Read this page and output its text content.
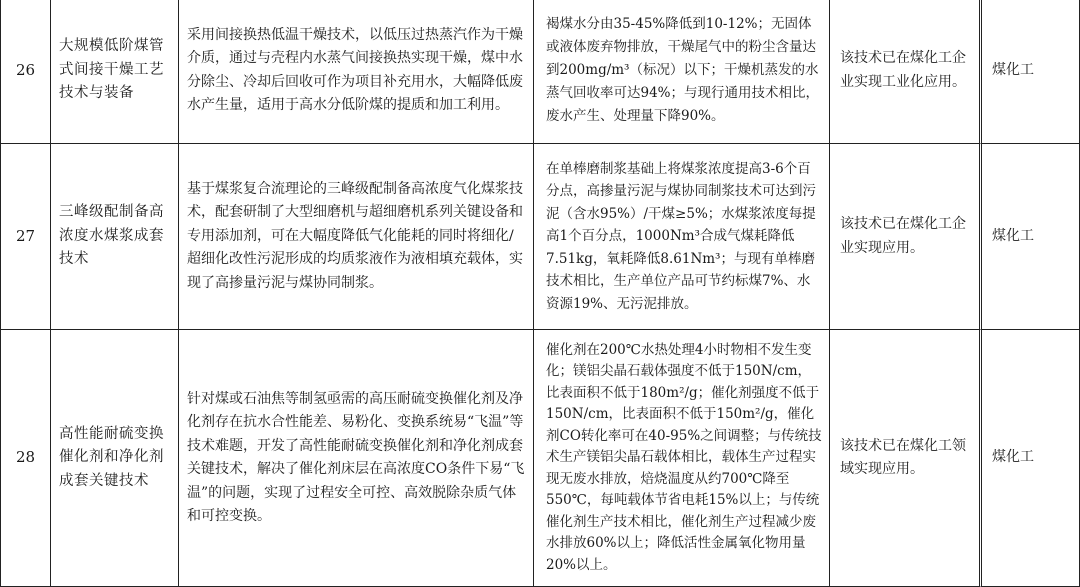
26
大规模低阶煤管式间接干燥工艺技术与装备
采用间接换热低温干燥技术，以低压过热蒸汽作为干燥介质，通过与壳程内水蒸气间接换热实现干燥，煤中水分除尘、冷却后回收可作为项目补充用水，大幅降低废水产生量，适用于高水分低阶煤的提质和加工利用。
褐煤水分由35-45%降低到10-12%；无固体或液体废弃物排放，干燥尾气中的粉尘含量达到200mg/m³（标况）以下；干燥机蒸发的水蒸气回收率可达94%；与现行通用技术相比，废水产生、处理量下降90%。
该技术已在煤化工企业实现工业化应用。
煤化工
27
三峰级配制备高浓度水煤浆成套技术
基于煤浆复合流理论的三峰级配制备高浓度气化煤浆技术，配套研制了大型细磨机与超细磨机系列关键设备和专用添加剂，可在大幅度降低气化能耗的同时将细化/超细化改性污泥形成的均质浆液作为液相填充载体，实现了高掺量污泥与煤协同制浆。
在单棒磨制浆基础上将煤浆浓度提高3-6个百分点，高掺量污泥与煤协同制浆技术可达到污泥（含水95%）/干煤≥5%；水煤浆浓度每提高1个百分点，1000Nm³合成气煤耗降低7.51kg，氧耗降低8.61Nm³；与现有单棒磨技术相比，生产单位产品可节约标煤7%、水资源19%、无污泥排放。
该技术已在煤化工企业实现应用。
煤化工
28
高性能耐硫变换催化剂和净化剂成套关键技术
针对煤或石油焦等制氢亟需的高压耐硫变换催化剂及净化剂存在抗水合性能差、易粉化、变换系统易“飞温”等技术难题，开发了高性能耐硫变换催化剂和净化剂成套关键技术，解决了催化剂床层在高浓度CO条件下易“飞温”的问题，实现了过程安全可控、高效脱除杂质气体和可控变换。
催化剂在200℃水热处理4小时物相不发生变化；镁铝尖晶石载体强度不低于150N/cm，比表面积不低于180m²/g；催化剂强度不低于150N/cm，比表面积不低于150m²/g，催化剂CO转化率可在40-95%之间调整；与传统技术生产镁铝尖晶石载体相比，载体生产过程实现无废水排放，焙烧温度从约700℃降至550℃，每吨载体节省电耗15%以上；与传统催化剂生产技术相比，催化剂生产过程减少废水排放60%以上；降低活性金属氧化物用量20%以上。
该技术已在煤化工领域实现应用。
煤化工
